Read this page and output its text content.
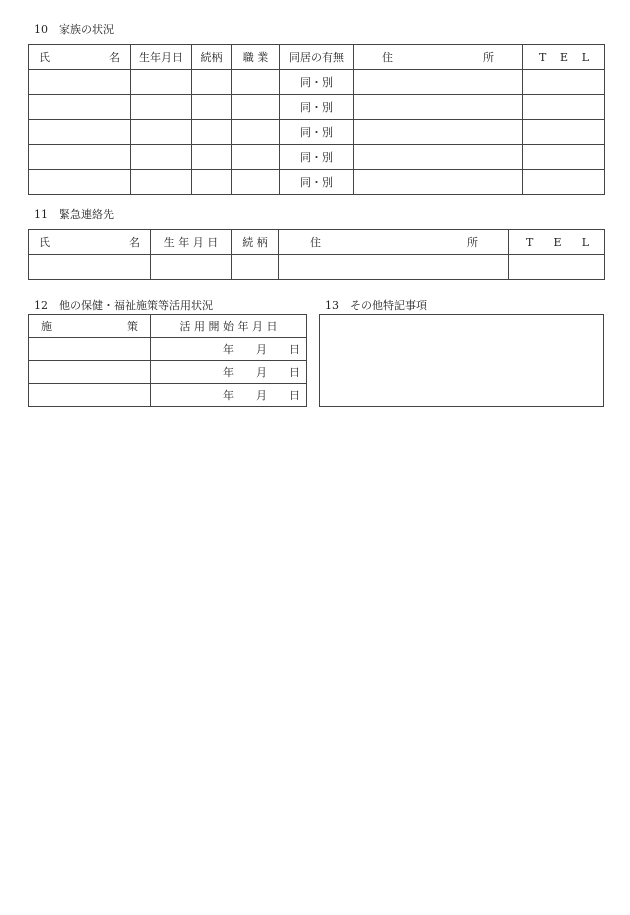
10　家族の状況
氏 名	生年月日	続柄	職 業	同居の有無	住 所	T E L

				同・別		
				同・別		
				同・別		
				同・別		
				同・別		
11　緊急連絡先
氏 名	生 年 月 日	続 柄	住 所	T E L

12　他の保健・福祉施策等活用状況
施 策	活 用 開 始 年 月 日
	年　　月　　日
	年　　月　　日
	年　　月　　日
13　その他特記事項
